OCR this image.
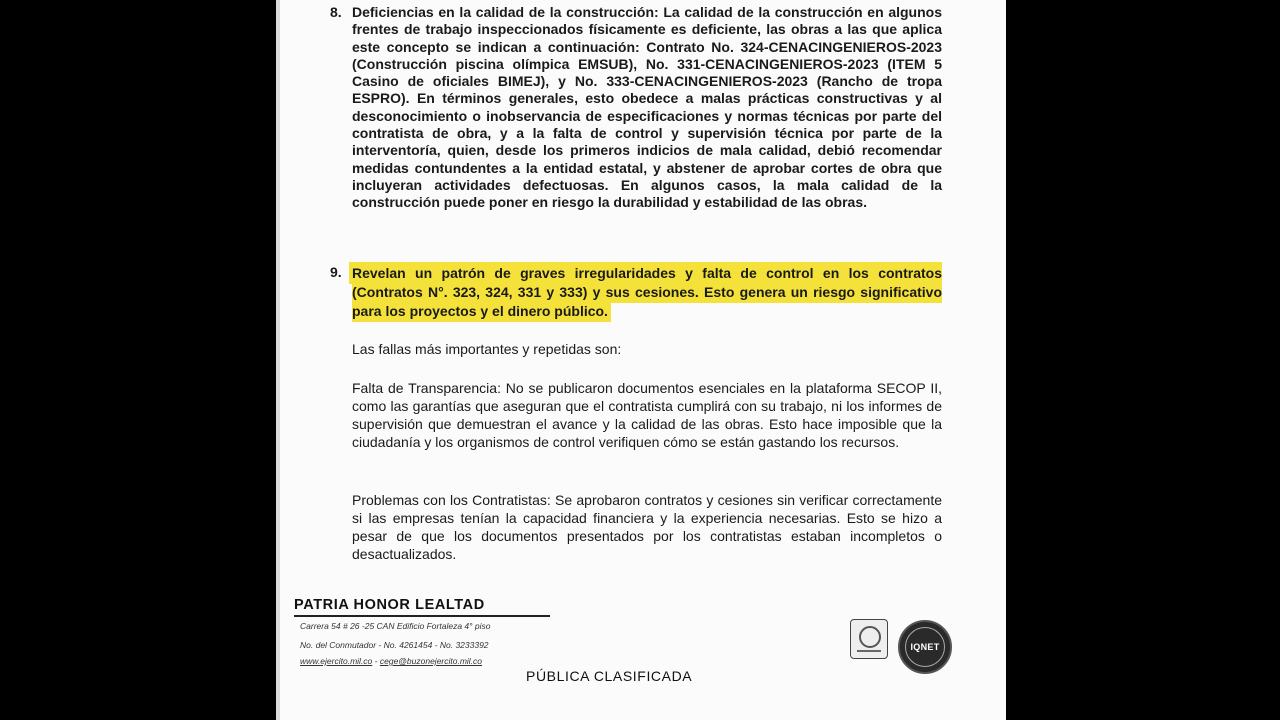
8. Deficiencias en la calidad de la construcción: La calidad de la construcción en algunos frentes de trabajo inspeccionados físicamente es deficiente, las obras a las que aplica este concepto se indican a continuación: Contrato No. 324-CENACINGENIEROS-2023 (Construcción piscina olímpica EMSUB), No. 331-CENACINGENIEROS-2023 (ITEM 5 Casino de oficiales BIMEJ), y No. 333-CENACINGENIEROS-2023 (Rancho de tropa ESPRO). En términos generales, esto obedece a malas prácticas constructivas y al desconocimiento o inobservancia de especificaciones y normas técnicas por parte del contratista de obra, y a la falta de control y supervisión técnica por parte de la interventoría, quien, desde los primeros indicios de mala calidad, debió recomendar medidas contundentes a la entidad estatal, y abstener de aprobar cortes de obra que incluyeran actividades defectuosas. En algunos casos, la mala calidad de la construcción puede poner en riesgo la durabilidad y estabilidad de las obras.
9. Revelan un patrón de graves irregularidades y falta de control en los contratos (Contratos N°. 323, 324, 331 y 333) y sus cesiones. Esto genera un riesgo significativo para los proyectos y el dinero público.
Las fallas más importantes y repetidas son:
Falta de Transparencia: No se publicaron documentos esenciales en la plataforma SECOP II, como las garantías que aseguran que el contratista cumplirá con su trabajo, ni los informes de supervisión que demuestran el avance y la calidad de las obras. Esto hace imposible que la ciudadanía y los organismos de control verifiquen cómo se están gastando los recursos.
Problemas con los Contratistas: Se aprobaron contratos y cesiones sin verificar correctamente si las empresas tenían la capacidad financiera y la experiencia necesarias. Esto se hizo a pesar de que los documentos presentados por los contratistas estaban incompletos o desactualizados.
PATRIA HONOR LEALTAD
Carrera 54 # 26 -25 CAN Edificio Fortaleza 4° piso
No. del Conmutador - No. 4261454 - No. 3233392
www.ejercito.mil.co - cege@buzonejercito.mil.co
PÚBLICA CLASIFICADA
IQNET
